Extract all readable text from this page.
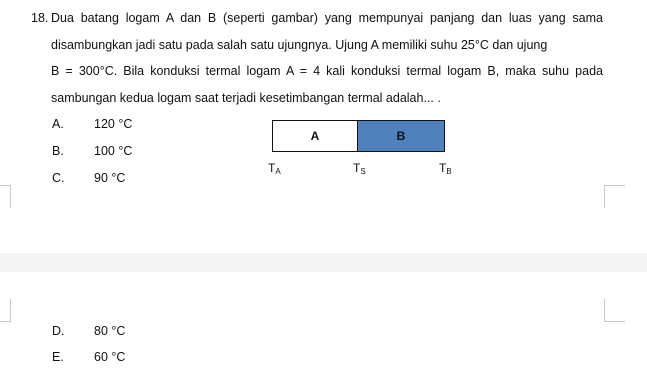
18. Dua batang logam A dan B (seperti gambar) yang mempunyai panjang dan luas yang sama
disambungkan jadi satu pada salah satu ujungnya. Ujung A memiliki suhu 25°C dan ujung
B = 300°C. Bila konduksi termal logam A = 4 kali konduksi termal logam B, maka suhu pada
sambungan kedua logam saat terjadi kesetimbangan termal adalah... .
A. 120 °C
B. 100 °C
C. 90 °C
A	B
$T_A$	$T_S$	$T_B$
D. 80 °C
E. 60 °C
